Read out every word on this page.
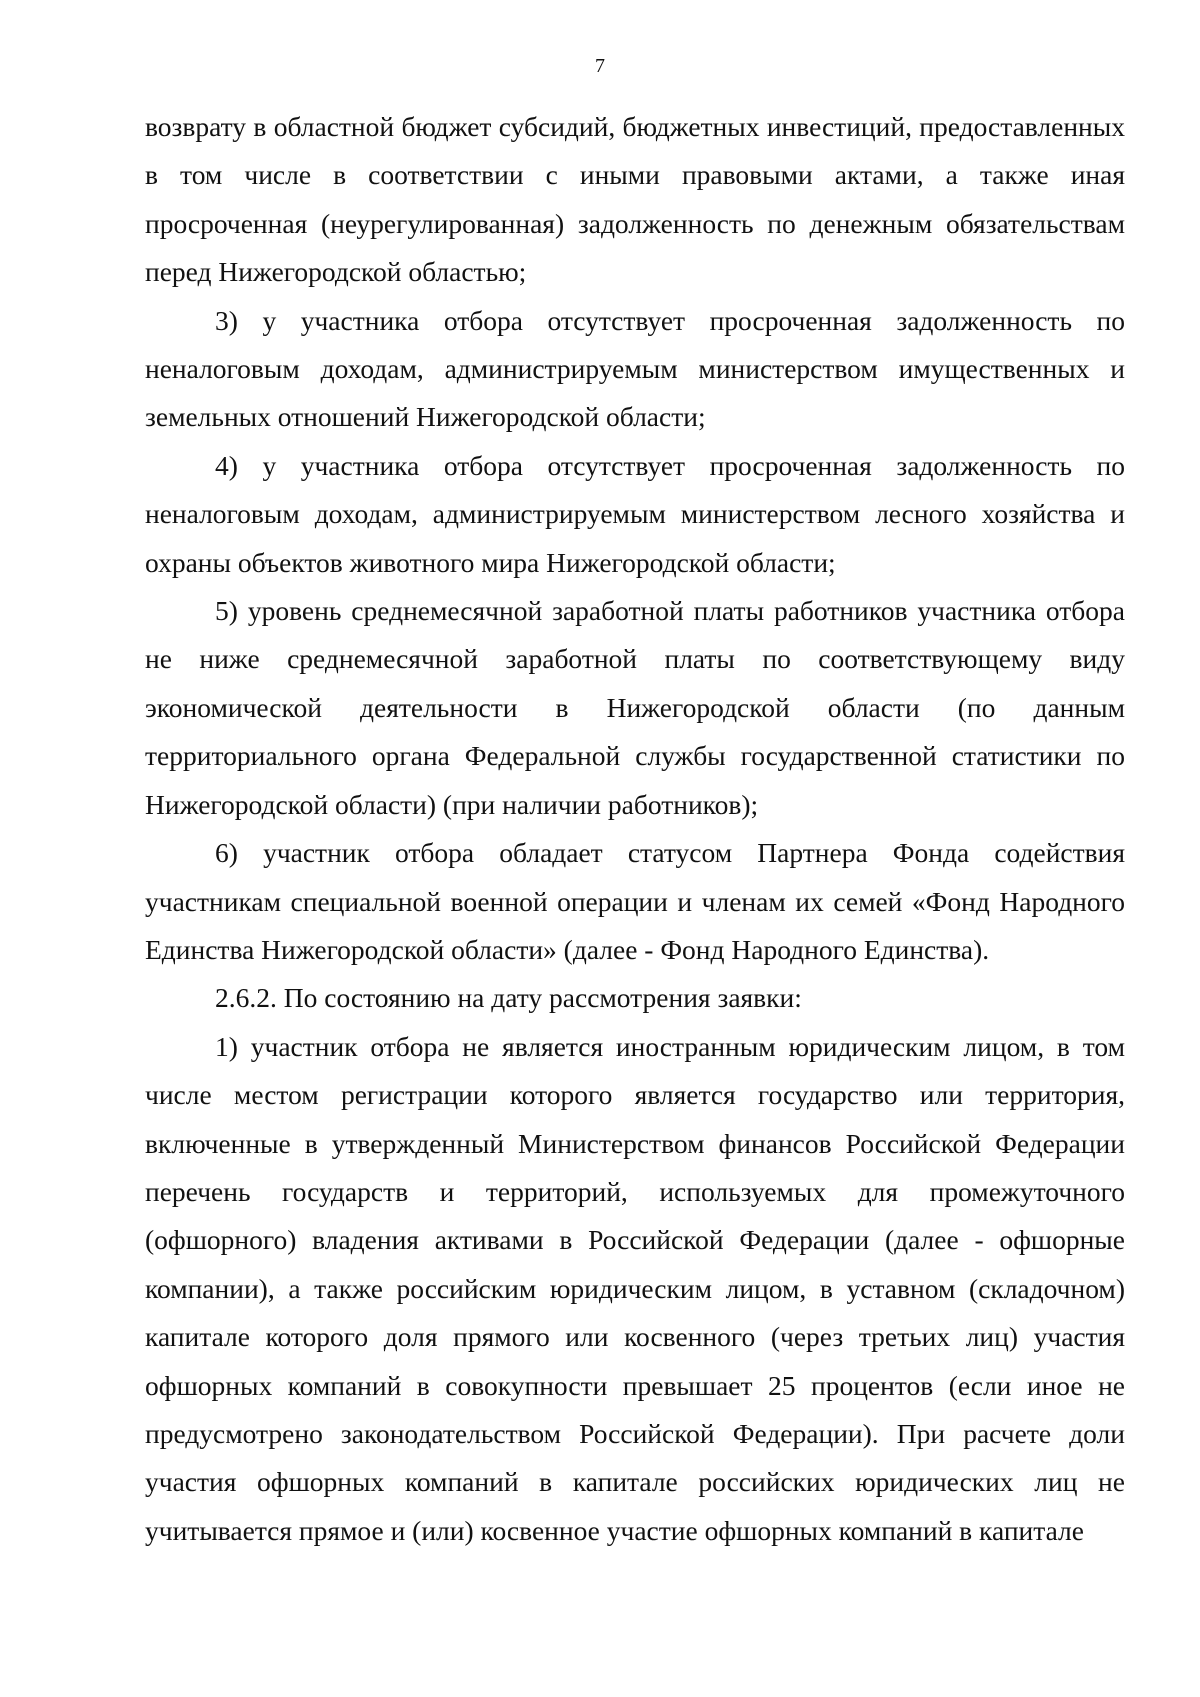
7

возврату в областной бюджет субсидий, бюджетных инвестиций, предоставленных в том числе в соответствии с иными правовыми актами, а также иная просроченная (неурегулированная) задолженность по денежным обязательствам перед Нижегородской областью;

3) у участника отбора отсутствует просроченная задолженность по неналоговым доходам, администрируемым министерством имущественных и земельных отношений Нижегородской области;

4) у участника отбора отсутствует просроченная задолженность по неналоговым доходам, администрируемым министерством лесного хозяйства и охраны объектов животного мира Нижегородской области;

5) уровень среднемесячной заработной платы работников участника отбора не ниже среднемесячной заработной платы по соответствующему виду экономической деятельности в Нижегородской области (по данным территориального органа Федеральной службы государственной статистики по Нижегородской области) (при наличии работников);

6) участник отбора обладает статусом Партнера Фонда содействия участникам специальной военной операции и членам их семей «Фонд Народного Единства Нижегородской области» (далее - Фонд Народного Единства).

2.6.2. По состоянию на дату рассмотрения заявки:

1) участник отбора не является иностранным юридическим лицом, в том числе местом регистрации которого является государство или территория, включенные в утвержденный Министерством финансов Российской Федерации перечень государств и территорий, используемых для промежуточного (офшорного) владения активами в Российской Федерации (далее - офшорные компании), а также российским юридическим лицом, в уставном (складочном) капитале которого доля прямого или косвенного (через третьих лиц) участия офшорных компаний в совокупности превышает 25 процентов (если иное не предусмотрено законодательством Российской Федерации). При расчете доли участия офшорных компаний в капитале российских юридических лиц не учитывается прямое и (или) косвенное участие офшорных компаний в капитале
